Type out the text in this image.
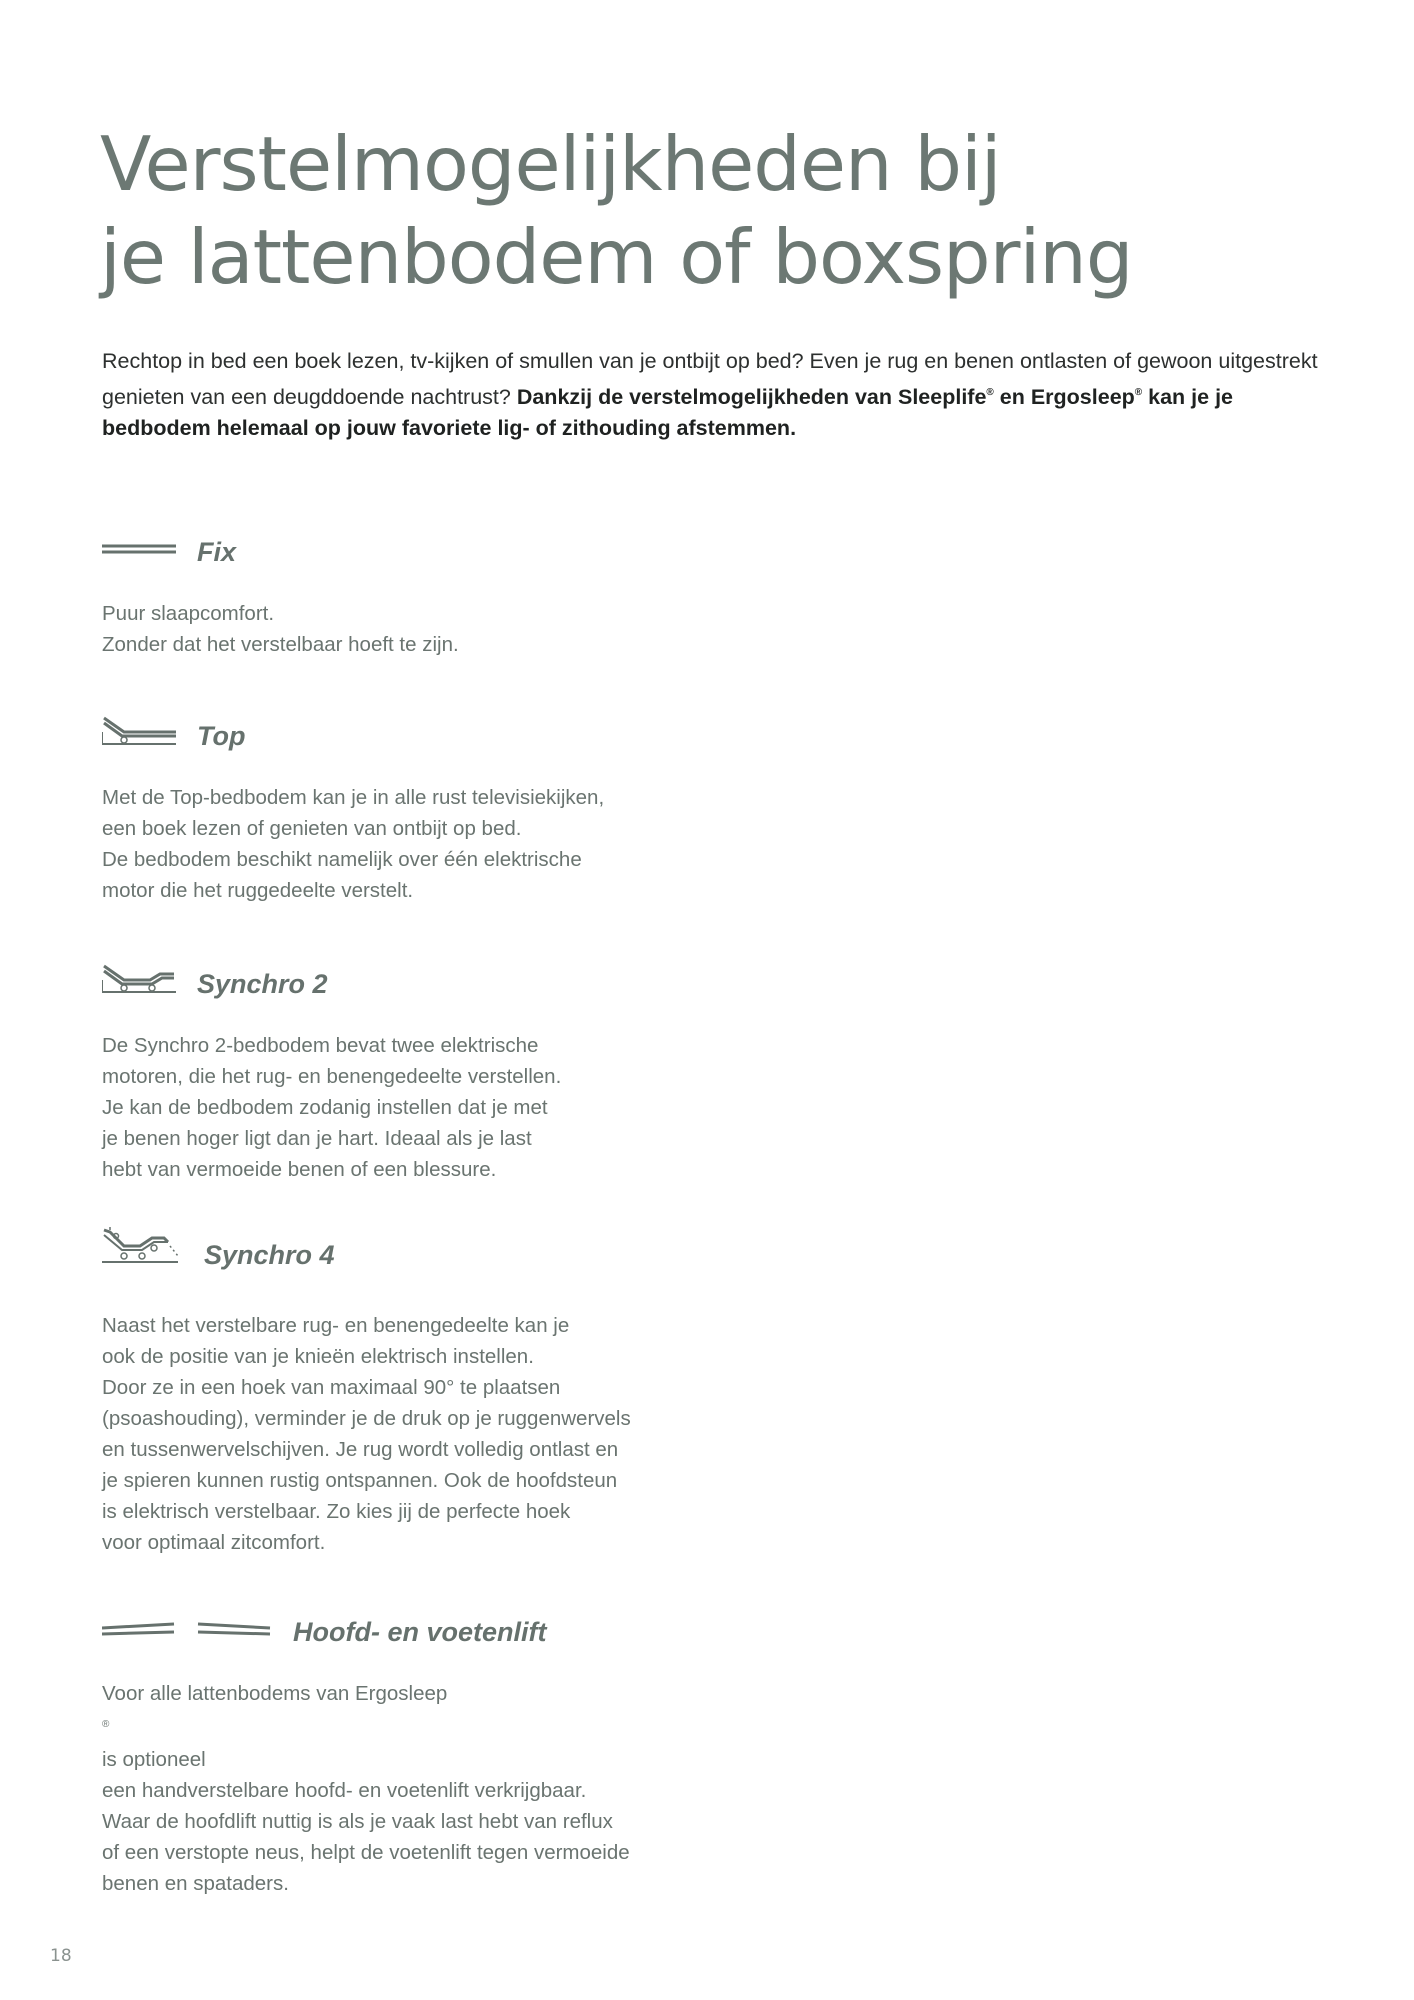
Verstelmogelijkheden bij
je lattenbodem of boxspring

Rechtop in bed een boek lezen, tv-kijken of smullen van je ontbijt op bed? Even je rug en benen ontlasten of gewoon uitgestrekt genieten van een deugddoende nachtrust? Dankzij de verstelmogelijkheden van Sleeplife® en Ergosleep® kan je je bedbodem helemaal op jouw favoriete lig- of zithouding afstemmen.

Fix

Puur slaapcomfort.
Zonder dat het verstelbaar hoeft te zijn.

Top

Met de Top-bedbodem kan je in alle rust televisiekijken,
een boek lezen of genieten van ontbijt op bed.
De bedbodem beschikt namelijk over één elektrische
motor die het ruggedeelte verstelt.

Synchro 2

De Synchro 2-bedbodem bevat twee elektrische
motoren, die het rug- en benengedeelte verstellen.
Je kan de bedbodem zodanig instellen dat je met
je benen hoger ligt dan je hart. Ideaal als je last
hebt van vermoeide benen of een blessure.

Synchro 4

Naast het verstelbare rug- en benengedeelte kan je
ook de positie van je knieën elektrisch instellen.
Door ze in een hoek van maximaal 90° te plaatsen
(psoashouding), verminder je de druk op je ruggenwervels
en tussenwervelschijven. Je rug wordt volledig ontlast en
je spieren kunnen rustig ontspannen. Ook de hoofdsteun
is elektrisch verstelbaar. Zo kies jij de perfecte hoek
voor optimaal zitcomfort.

Hoofd- en voetenlift

Voor alle lattenbodems van Ergosleep
®
is optioneel
een handverstelbare hoofd- en voetenlift verkrijgbaar.
Waar de hoofdlift nuttig is als je vaak last hebt van reflux
of een verstopte neus, helpt de voetenlift tegen vermoeide
benen en spataders.

18
